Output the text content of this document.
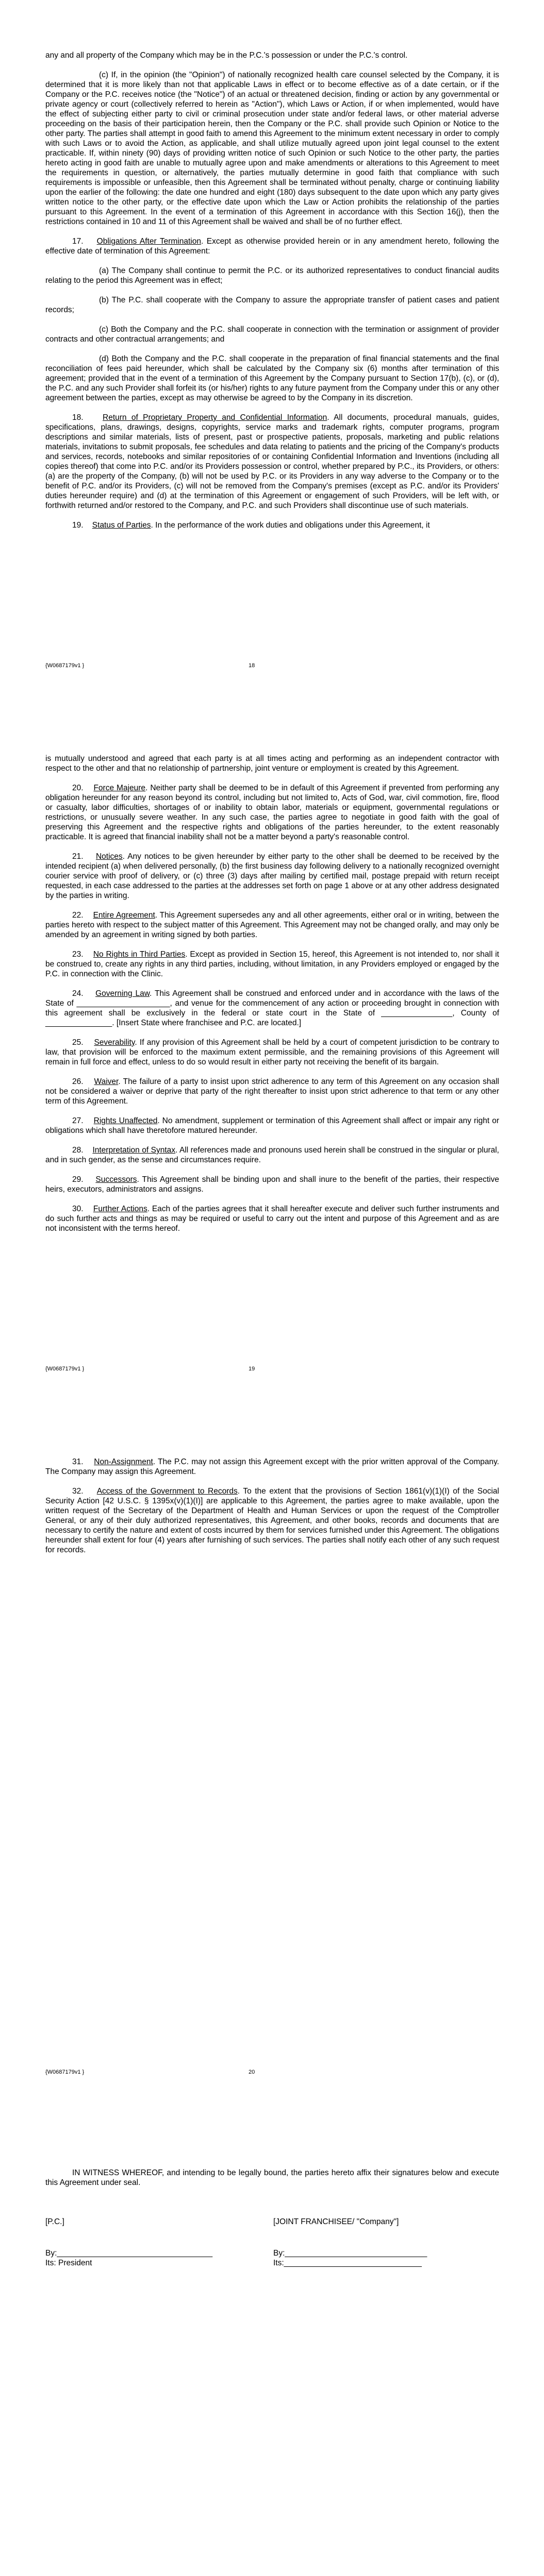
any and all property of the Company which may be in the P.C.'s possession or under the P.C.'s control.

(c) If, in the opinion (the "Opinion") of nationally recognized health care counsel selected by the Company, it is determined that it is more likely than not that applicable Laws in effect or to become effective as of a date certain, or if the Company or the P.C. receives notice (the "Notice") of an actual or threatened decision, finding or action by any governmental or private agency or court (collectively referred to herein as "Action"), which Laws or Action, if or when implemented, would have the effect of subjecting either party to civil or criminal prosecution under state and/or federal laws, or other material adverse proceeding on the basis of their participation herein, then the Company or the P.C. shall provide such Opinion or Notice to the other party. The parties shall attempt in good faith to amend this Agreement to the minimum extent necessary in order to comply with such Laws or to avoid the Action, as applicable, and shall utilize mutually agreed upon joint legal counsel to the extent practicable. If, within ninety (90) days of providing written notice of such Opinion or such Notice to the other party, the parties hereto acting in good faith are unable to mutually agree upon and make amendments or alterations to this Agreement to meet the requirements in question, or alternatively, the parties mutually determine in good faith that compliance with such requirements is impossible or unfeasible, then this Agreement shall be terminated without penalty, charge or continuing liability upon the earlier of the following: the date one hundred and eight (180) days subsequent to the date upon which any party gives written notice to the other party, or the effective date upon which the Law or Action prohibits the relationship of the parties pursuant to this Agreement. In the event of a termination of this Agreement in accordance with this Section 16(j), then the restrictions contained in 10 and 11 of this Agreement shall be waived and shall be of no further effect.

17. Obligations After Termination. Except as otherwise provided herein or in any amendment hereto, following the effective date of termination of this Agreement:

(a) The Company shall continue to permit the P.C. or its authorized representatives to conduct financial audits relating to the period this Agreement was in effect;

(b) The P.C. shall cooperate with the Company to assure the appropriate transfer of patient cases and patient records;

(c) Both the Company and the P.C. shall cooperate in connection with the termination or assignment of provider contracts and other contractual arrangements; and

(d) Both the Company and the P.C. shall cooperate in the preparation of final financial statements and the final reconciliation of fees paid hereunder, which shall be calculated by the Company six (6) months after termination of this agreement; provided that in the event of a termination of this Agreement by the Company pursuant to Section 17(b), (c), or (d), the P.C. and any such Provider shall forfeit its (or his/her) rights to any future payment from the Company under this or any other agreement between the parties, except as may otherwise be agreed to by the Company in its discretion.

18. Return of Proprietary Property and Confidential Information. All documents, procedural manuals, guides, specifications, plans, drawings, designs, copyrights, service marks and trademark rights, computer programs, program descriptions and similar materials, lists of present, past or prospective patients, proposals, marketing and public relations materials, invitations to submit proposals, fee schedules and data relating to patients and the pricing of the Company's products and services, records, notebooks and similar repositories of or containing Confidential Information and Inventions (including all copies thereof) that come into P.C. and/or its Providers possession or control, whether prepared by P.C., its Providers, or others: (a) are the property of the Company, (b) will not be used by P.C. or its Providers in any way adverse to the Company or to the benefit of P.C. and/or its Providers, (c) will not be removed from the Company's premises (except as P.C. and/or its Providers' duties hereunder require) and (d) at the termination of this Agreement or engagement of such Providers, will be left with, or forthwith returned and/or restored to the Company, and P.C. and such Providers shall discontinue use of such materials.

19. Status of Parties. In the performance of the work duties and obligations under this Agreement, it

{W0687179v1 }	18

is mutually understood and agreed that each party is at all times acting and performing as an independent contractor with respect to the other and that no relationship of partnership, joint venture or employment is created by this Agreement.

20. Force Majeure. Neither party shall be deemed to be in default of this Agreement if prevented from performing any obligation hereunder for any reason beyond its control, including but not limited to, Acts of God, war, civil commotion, fire, flood or casualty, labor difficulties, shortages of or inability to obtain labor, materials or equipment, governmental regulations or restrictions, or unusually severe weather. In any such case, the parties agree to negotiate in good faith with the goal of preserving this Agreement and the respective rights and obligations of the parties hereunder, to the extent reasonably practicable. It is agreed that financial inability shall not be a matter beyond a party's reasonable control.

21. Notices. Any notices to be given hereunder by either party to the other shall be deemed to be received by the intended recipient (a) when delivered personally, (b) the first business day following delivery to a nationally recognized overnight courier service with proof of delivery, or (c) three (3) days after mailing by certified mail, postage prepaid with return receipt requested, in each case addressed to the parties at the addresses set forth on page 1 above or at any other address designated by the parties in writing.

22. Entire Agreement. This Agreement supersedes any and all other agreements, either oral or in writing, between the parties hereto with respect to the subject matter of this Agreement. This Agreement may not be changed orally, and may only be amended by an agreement in writing signed by both parties.

23. No Rights in Third Parties. Except as provided in Section 15, hereof, this Agreement is not intended to, nor shall it be construed to, create any rights in any third parties, including, without limitation, in any Providers employed or engaged by the P.C. in connection with the Clinic.

24. Governing Law. This Agreement shall be construed and enforced under and in accordance with the laws of the State of _____________________, and venue for the commencement of any action or proceeding brought in connection with this agreement shall be exclusively in the federal or state court in the State of ________________, County of _______________. [Insert State where franchisee and P.C. are located.]

25. Severability. If any provision of this Agreement shall be held by a court of competent jurisdiction to be contrary to law, that provision will be enforced to the maximum extent permissible, and the remaining provisions of this Agreement will remain in full force and effect, unless to do so would result in either party not receiving the benefit of its bargain.

26. Waiver. The failure of a party to insist upon strict adherence to any term of this Agreement on any occasion shall not be considered a waiver or deprive that party of the right thereafter to insist upon strict adherence to that term or any other term of this Agreement.

27. Rights Unaffected. No amendment, supplement or termination of this Agreement shall affect or impair any right or obligations which shall have theretofore matured hereunder.

28. Interpretation of Syntax. All references made and pronouns used herein shall be construed in the singular or plural, and in such gender, as the sense and circumstances require.

29. Successors. This Agreement shall be binding upon and shall inure to the benefit of the parties, their respective heirs, executors, administrators and assigns.

30. Further Actions. Each of the parties agrees that it shall hereafter execute and deliver such further instruments and do such further acts and things as may be required or useful to carry out the intent and purpose of this Agreement and as are not inconsistent with the terms hereof.

{W0687179v1 }	19

31. Non-Assignment. The P.C. may not assign this Agreement except with the prior written approval of the Company. The Company may assign this Agreement.

32. Access of the Government to Records. To the extent that the provisions of Section 1861(v)(1)(I) of the Social Security Action [42 U.S.C. § 1395x(v)(1)(I)] are applicable to this Agreement, the parties agree to make available, upon the written request of the Secretary of the Department of Health and Human Services or upon the request of the Comptroller General, or any of their duly authorized representatives, this Agreement, and other books, records and documents that are necessary to certify the nature and extent of costs incurred by them for services furnished under this Agreement. The obligations hereunder shall extent for four (4) years after furnishing of such services. The parties shall notify each other of any such request for records.

{W0687179v1 }	20

IN WITNESS WHEREOF, and intending to be legally bound, the parties hereto affix their signatures below and execute this Agreement under seal.

[P.C.]
By:___________________________________
Its: President
[JOINT FRANCHISEE/ "Company"]
By:________________________________
Its:_______________________________
